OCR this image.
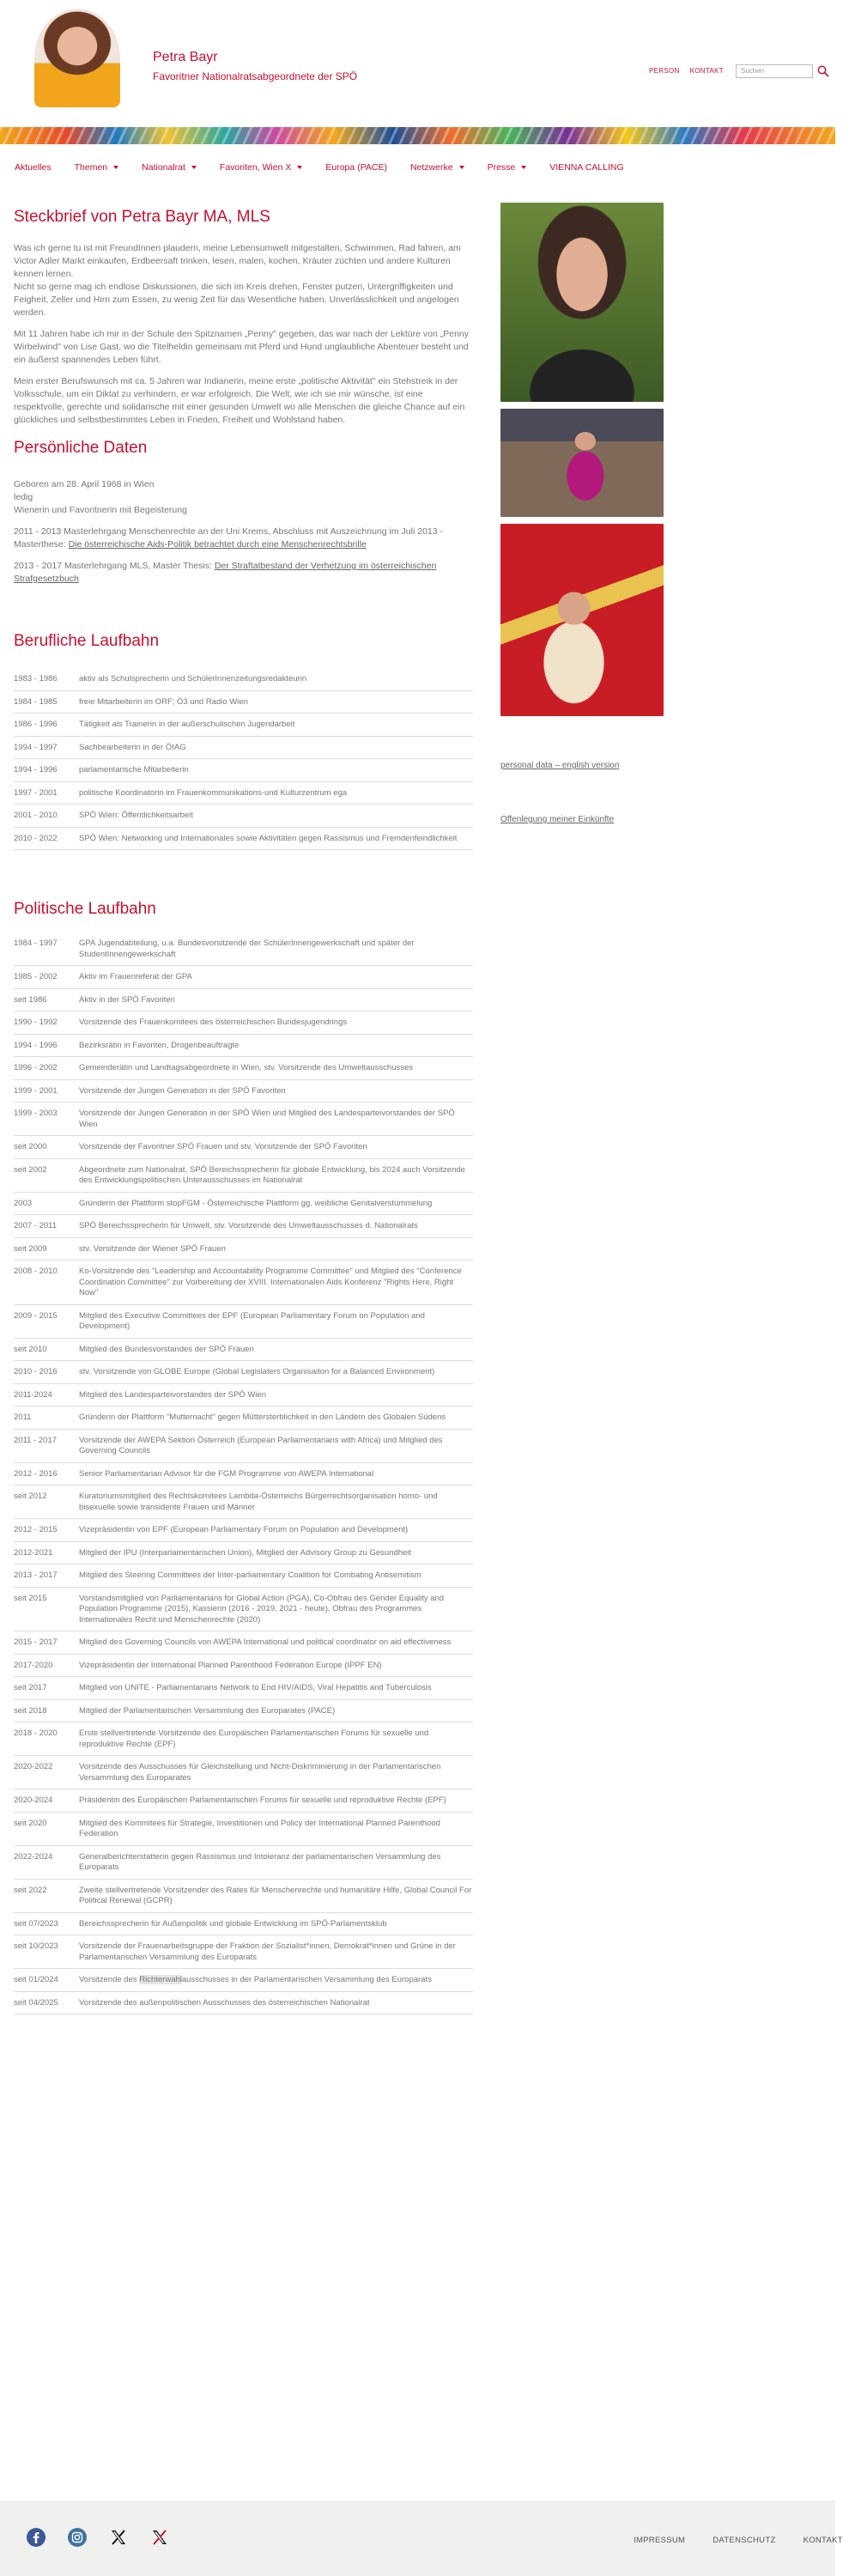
Petra Bayr
Favoritner Nationalratsabgeordnete der SPÖ	PERSON KONTAKT	Suchen
Aktuelles	Themen	Nationalrat	Favoriten, Wien X	Europa (PACE)	Netzwerke	Presse	VIENNA CALLING
Steckbrief von Petra Bayr MA, MLS

Was ich gerne tu ist mit FreundInnen plaudern, meine Lebensumwelt mitgestalten, Schwimmen, Rad fahren, am Victor Adler Markt einkaufen, Erdbeersaft trinken, lesen, malen, kochen, Kräuter züchten und andere Kulturen kennen lernen.

Nicht so gerne mag ich endlose Diskussionen, die sich im Kreis drehen, Fenster putzen, Untergriffigkeiten und Feigheit, Zeller und Hirn zum Essen, zu wenig Zeit für das Wesentliche haben, Unverlässlichkeit und angelogen werden.

Mit 11 Jahren habe ich mir in der Schule den Spitznamen „Penny" gegeben, das war nach der Lektüre von „Penny Wirbelwind" von Lise Gast, wo die Titelheldin gemeinsam mit Pferd und Hund unglaubliche Abenteuer besteht und ein äußerst spannendes Leben führt.

Mein erster Berufswunsch mit ca. 5 Jahren war Indianerin, meine erste „politische Aktivität" ein Stehstreik in der Volksschule, um ein Diktat zu verhindern, er war erfolgreich. Die Welt, wie ich sie mir wünsche, ist eine respektvolle, gerechte und solidarische mit einer gesunden Umwelt wo alle Menschen die gleiche Chance auf ein glückliches und selbstbestimmtes Leben in Frieden, Freiheit und Wohlstand haben.

Persönliche Daten

Geboren am 28. April 1968 in Wien

ledig

Wienerin und Favoritnerin mit Begeisterung

2011 - 2013 Masterlehrgang Menschenrechte an der Uni Krems, Abschluss mit Auszeichnung im Juli 2013 - Masterthese: Die österreichische Aids-Politik betrachtet durch eine Menschenrechtsbrille

2013 - 2017 Masterlehrgang MLS, Master Thesis: Der Straftatbestand der Verhetzung im österreichischen Strafgesetzbuch

Berufliche Laufbahn
1983 - 1986	aktiv als Schulsprecherin und SchülerInnenzeitungsredakteurin
1984 - 1985	freie Mitarbeiterin im ORF; Ö3 und Radio Wien
1986 - 1996	Tätigkeit als Trainerin in der außerschulischen Jugendarbeit
1994 - 1997	Sachbearbeiterin in der ÖIAG
1994 - 1996	parlamentarische Mitarbeiterin
1997 - 2001	politische Koordinatorin im Frauenkommunikations-und Kulturzentrum ega
2001 - 2010	SPÖ Wien: Öffentlichkeitsarbeit
2010 - 2022	SPÖ Wien: Networking und Internationales sowie Aktivitäten gegen Rassismus und Fremdenfeindlichkeit
Politische Laufbahn
1984 - 1997	GPA Jugendabteilung, u.a. Bundesvorsitzende der SchülerInnengewerkschaft und später der StudentInnengewerkschaft
1985 - 2002	Aktiv im Frauenreferat der GPA
seit 1986	Aktiv in der SPÖ Favoriten
1990 - 1992	Vorsitzende des Frauenkomitees des österreichischen Bundesjugendrings
1994 - 1996	Bezirksrätin in Favoriten, Drogenbeauftragte
1996 - 2002	Gemeinderätin und Landtagsabgeordnete in Wien, stv. Vorsitzende des Umweltausschusses
1999 - 2001	Vorsitzende der Jungen Generation in der SPÖ Favoriten
1999 - 2003	Vorsitzende der Jungen Generation in der SPÖ Wien und Mitglied des Landesparteivorstandes der SPÖ Wien
seit 2000	Vorsitzende der Favoritner SPÖ Frauen und stv. Vorsitzende der SPÖ Favoriten
seit 2002	Abgeordnete zum Nationalrat, SPÖ Bereichssprecherin für globale Entwicklung, bis 2024 auch Vorsitzende des Entwicklungspolitischen Unterausschusses im Nationalrat
2003	Gründerin der Plattform stopFGM - Österreichische Plattform gg. weibliche Genitalverstümmelung
2007 - 2011	SPÖ Bereichssprecherin für Umwelt, stv. Vorsitzende des Umweltausschusses d. Nationalrats
seit 2009	stv. Vorsitzende der Wiener SPÖ Frauen
2008 - 2010	Ko-Vorsitzende des "Leadership and Accountability Programme Committee" und Mitglied des "Conference Coordination Committee" zur Vorbereitung der XVIII. Internationalen Aids Konferenz "Rights Here, Right Now"
2009 - 2015	Mitglied des Executive Committees der EPF (European Parliamentary Forum on Population and Development)
seit 2010	Mitglied des Bundesvorstandes der SPÖ Frauen
2010 - 2016	stv. Vorsitzende von GLOBE Europe (Global Legislaters Organisaiton for a Balanced Environment)
2011-2024	Mitglied des Landesparteivorstandes der SPÖ Wien
2011	Gründerin der Plattform "Mutternacht" gegen Müttersterblichkeit in den Ländern des Globalen Südens
2011 - 2017	Vorsitzende der AWEPA Sektion Österreich (European Parliamentarians with Africa) und Mitglied des Governing Councils
2012 - 2016	Senior Parliamentarian Advisor für die FGM Programme von AWEPA International
seit 2012	Kuratoriumsmitglied des Rechtskomitees Lambda-Österreichs Bürgerrechtsorganisation homo- und bisexuelle sowie transidente Frauen und Männer
2012 - 2015	Vizepräsidentin von EPF (European Parliamentary Forum on Population and Development)
2012-2021	Mitglied der IPU (Interparlamentarischen Union), Mitglied der Advisory Group zu Gesundheit
2013 - 2017	Mitglied des Steering Committees der Inter-parliamentary Coalition for Combating Antisemitism
seit 2015	Vorstandsmitglied von Parliamentarians for Global Action (PGA), Co-Obfrau des Gender Equality and Population Programme (2015), Kassierin (2016 - 2019, 2021 - heute), Obfrau des Programmes Internationales Recht und Menschenrechte (2020)
2015 - 2017	Mitglied des Governing Councils von AWEPA International und political coordinator on aid effectiveness
2017-2020	Vizepräsidentin der International Planned Parenthood Federation Europe (IPPF EN)
seit 2017	Mitglied von UNITE - Parliamentarians Network to End HIV/AIDS, Viral Hepatitis and Tuberculosis
seit 2018	Mitglied der Parlamentarischen Versammlung des Europarates (PACE)
2018 - 2020	Erste stellvertretende Vorsitzende des Europäischen Parlamentarischen Forums für sexuelle und reproduktive Rechte (EPF)
2020-2022	Vorsitzende des Ausschusses für Gleichstellung und Nicht-Diskriminierung in der Parlamentarischen Versammlung des Europarates
2020-2024	Präsidentin des Europäischen Parlamentarischen Forums für sexuelle und reproduktive Rechte (EPF)
seit 2020	Mitglied des Kommitees für Strategie, Investitionen und Policy der International Planned Parenthood Federation
2022-2024	Generalberichterstatterin gegen Rassismus und Intoleranz der parlamentarischen Versammlung des Europarats
seit 2022	Zweite stellvertretende Vorsitzender des Rates für Menschenrechte und humanitäre Hilfe, Global Council For Political Renewal (GCPR)
seit 07/2023	Bereichssprecherin für Außenpolitik und globale Entwicklung im SPÖ-Parlamentsklub
seit 10/2023	Vorsitzende der Frauenarbeitsgruppe der Fraktion der Sozialist*innen, Demokrat*innen und Grüne in der Parlamentarischen Versammlung des Europarats
seit 01/2024	Vorsitzende des Richterwahlausschusses in der Parlamentarischen Versammlung des Europarats
seit 04/2025	Vorsitzende des außenpolitischen Ausschusses des österreichischen Nationalrat
personal data – english version
Offenlegung meiner Einkünfte
IMPRESSUM	DATENSCHUTZ	KONTAKT
